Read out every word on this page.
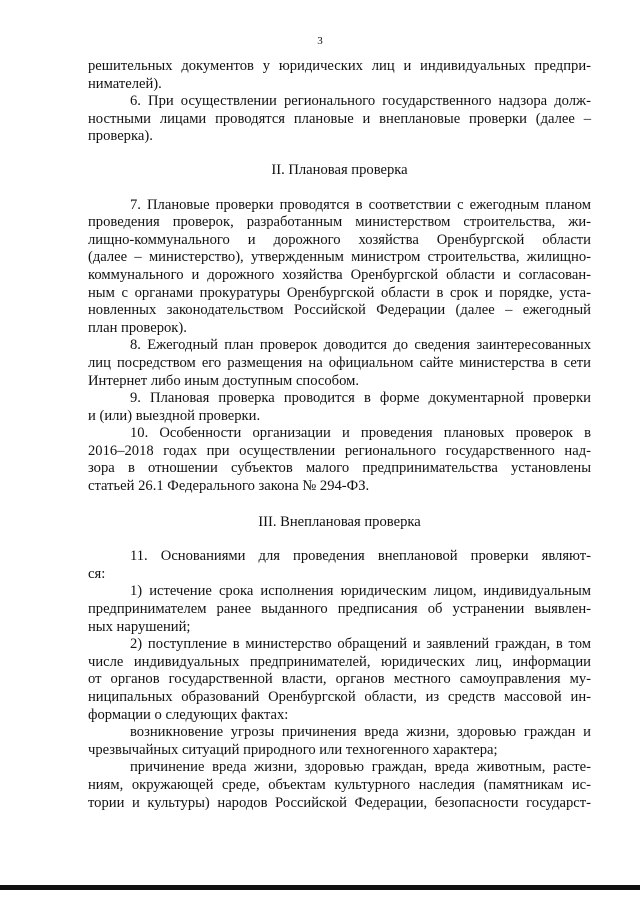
3
решительных документов у юридических лиц и индивидуальных предпри-
нимателей).
6. При осуществлении регионального государственного надзора долж-
ностными лицами проводятся плановые и внеплановые проверки (далее –
проверка).
II. Плановая проверка
7. Плановые проверки проводятся в соответствии с ежегодным планом
проведения проверок, разработанным министерством строительства, жи-
лищно-коммунального и дорожного хозяйства Оренбургской области
(далее – министерство), утвержденным министром строительства, жилищно-
коммунального и дорожного хозяйства Оренбургской области и согласован-
ным с органами прокуратуры Оренбургской области в срок и порядке, уста-
новленных законодательством Российской Федерации (далее – ежегодный
план проверок).
8. Ежегодный план проверок доводится до сведения заинтересованных
лиц посредством его размещения на официальном сайте министерства в сети
Интернет либо иным доступным способом.
9. Плановая проверка проводится в форме документарной проверки
и (или) выездной проверки.
10. Особенности организации и проведения плановых проверок в
2016–2018 годах при осуществлении регионального государственного над-
зора в отношении субъектов малого предпринимательства установлены
статьей 26.1 Федерального закона № 294-ФЗ.
III. Внеплановая проверка
11. Основаниями для проведения внеплановой проверки являют-
ся:
1) истечение срока исполнения юридическим лицом, индивидуальным
предпринимателем ранее выданного предписания об устранении выявлен-
ных нарушений;
2) поступление в министерство обращений и заявлений граждан, в том
числе индивидуальных предпринимателей, юридических лиц, информации
от органов государственной власти, органов местного самоуправления му-
ниципальных образований Оренбургской области, из средств массовой ин-
формации о следующих фактах:
возникновение угрозы причинения вреда жизни, здоровью граждан и
чрезвычайных ситуаций природного или техногенного характера;
причинение вреда жизни, здоровью граждан, вреда животным, расте-
ниям, окружающей среде, объектам культурного наследия (памятникам ис-
тории и культуры) народов Российской Федерации, безопасности государст-
